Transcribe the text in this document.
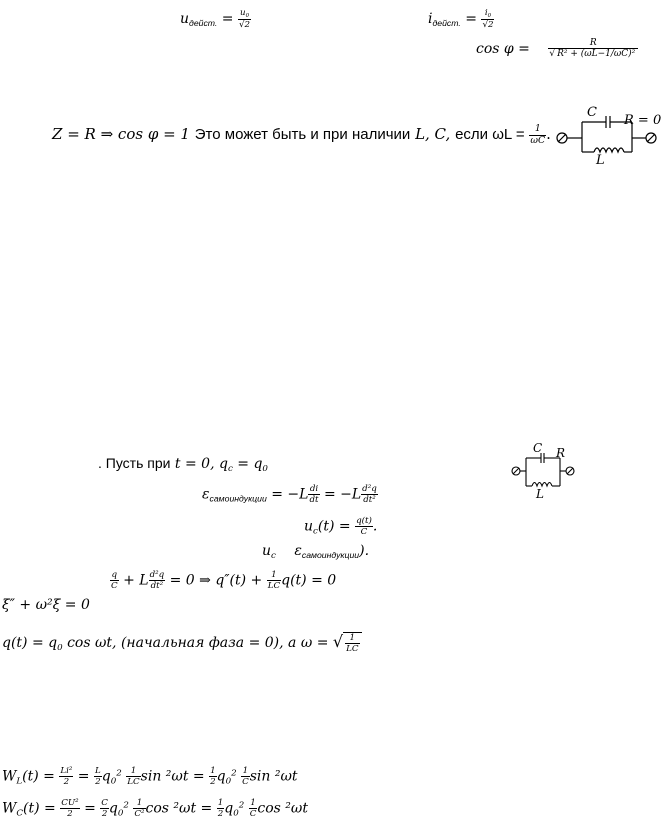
$u_{дейст.} = \frac{u_0}{√2}$	$i_{дейст.} = \frac{i_0}{√2}$
$\cos \varphi = \frac{R}{\text{√ R² + (ωL−1/ωC)²}}$
Z = R ⇒ cos φ = 1 Это может быть и при наличии L, C, если $\omega L = \frac{1}{\omega C}$ .
C
R = 0
L
. Пусть при t = 0, $q_c = q_0$
C R
L
$\varepsilon_{самоиндукции} = -L \frac{di}{dt} = -L \frac{\text{d²q}}{\text{dt²}}$
$u_c(t) = \frac{q(t)}{C}$ .
$u_c$ $\varepsilon_{самоиндукции}$).
$\frac{q}{C} + L \frac{\text{d²q}}{\text{dt²}} = 0$ ⇒ $q''(t) + \frac{1}{LC} q(t) = 0$
ξ″ + ω²ξ = 0
$q(t) = q_0$ cos ωt, (начальная фаза = 0), а ω = √ $\frac{1}{LC}$
$W_L(t) = \frac{\text{Li²}}{2} = \frac{L}{2} q_0^2 \frac{1}{LC}$ $\sin ^2\omega t = \frac{1}{2} q_0^2 \frac{1}{C}$ sin ²ωt
$W_C(t) = \frac{\text{CU²}}{2} = \frac{C}{2} q_0^2 \frac{1}{\text{C²}}$ $\cos ^2\omega t = \frac{1}{2} q_0^2 \frac{1}{C}$ cos ²ωt
